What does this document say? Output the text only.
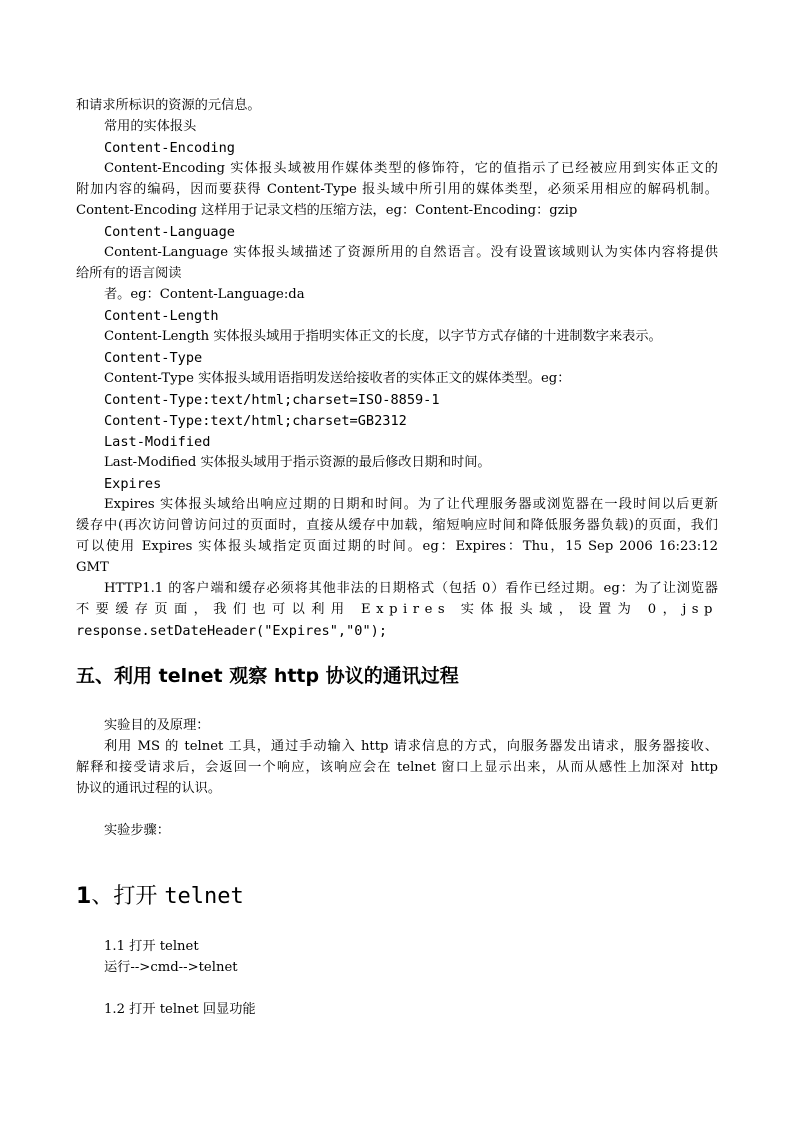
和请求所标识的资源的元信息。
常用的实体报头
Content-Encoding
Content-Encoding 实体报头域被用作媒体类型的修饰符，它的值指示了已经被应用到实体正文的
附加内容的编码，因而要获得 Content-Type 报头域中所引用的媒体类型，必须采用相应的解码机制。
Content-Encoding 这样用于记录文档的压缩方法，eg：Content-Encoding：gzip
Content-Language
Content-Language 实体报头域描述了资源所用的自然语言。没有设置该域则认为实体内容将提供
给所有的语言阅读
者。eg：Content-Language:da
Content-Length
Content-Length 实体报头域用于指明实体正文的长度，以字节方式存储的十进制数字来表示。
Content-Type
Content-Type 实体报头域用语指明发送给接收者的实体正文的媒体类型。eg：
Content-Type:text/html;charset=ISO-8859-1
Content-Type:text/html;charset=GB2312
Last-Modified
Last-Modified 实体报头域用于指示资源的最后修改日期和时间。
Expires
Expires 实体报头域给出响应过期的日期和时间。为了让代理服务器或浏览器在一段时间以后更新
缓存中(再次访问曾访问过的页面时，直接从缓存中加载，缩短响应时间和降低服务器负载)的页面，我们
可以使用 Expires 实体报头域指定页面过期的时间。eg：Expires：Thu，15 Sep 2006 16:23:12
GMT
HTTP1.1 的客户端和缓存必须将其他非法的日期格式（包括 0）看作已经过期。eg：为了让浏览器
不要缓存页面，我们也可以利用 Expires 实体报头域，设置为 0，jsp
response.setDateHeader("Expires","0");
五、利用 telnet 观察 http 协议的通讯过程
实验目的及原理：
利用 MS 的 telnet 工具，通过手动输入 http 请求信息的方式，向服务器发出请求，服务器接收、
解释和接受请求后，会返回一个响应，该响应会在 telnet 窗口上显示出来，从而从感性上加深对 http
协议的通讯过程的认识。
实验步骤：
1、打开 telnet
1.1 打开 telnet
运行-->cmd-->telnet
1.2 打开 telnet 回显功能
